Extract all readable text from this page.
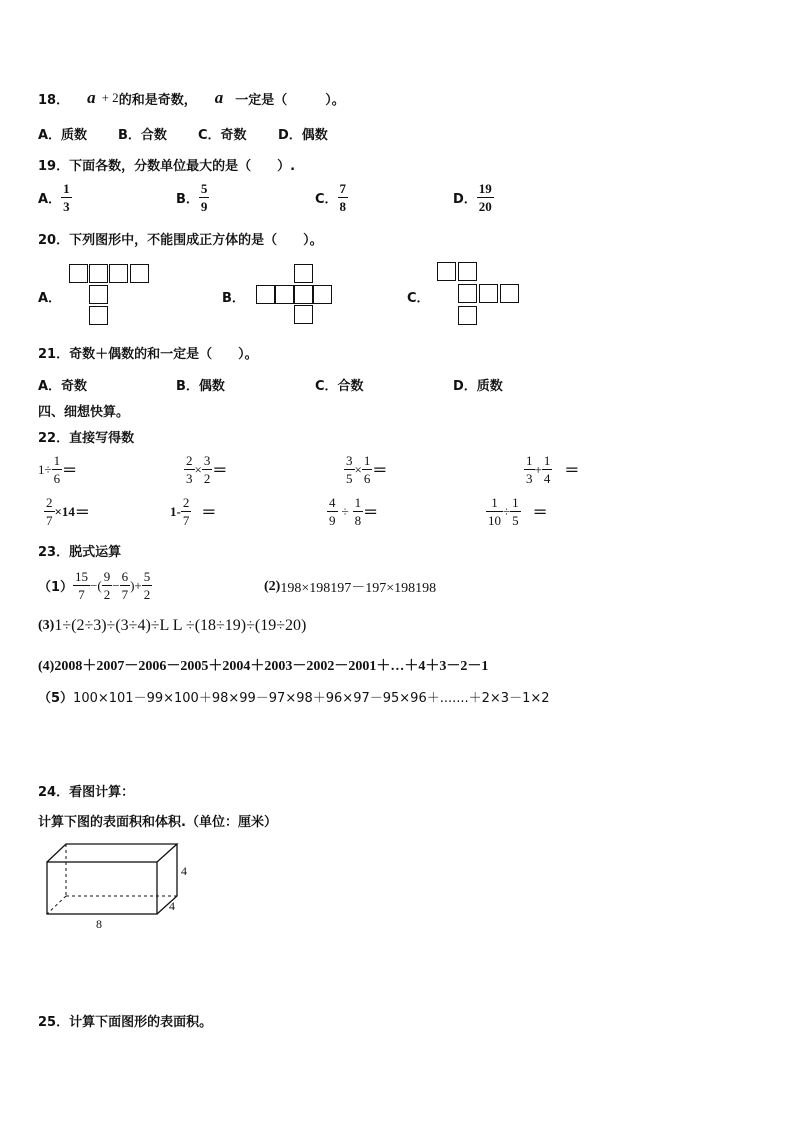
18． a + 2 的和是奇数， a 一定是（	）。
A．质数 B．合数 C．奇数 D．偶数
19．下面各数，分数单位最大的是（　　）.
A． $\frac{1}{3}$	B． $\frac{5}{9}$	C． $\frac{7}{8}$	D． $\frac{19}{20}$
20．下列图形中，不能围成正方体的是（　　）。
A．	B．	C．
21．奇数＋偶数的和一定是（　　）。
A．奇数	B．偶数	C．合数	D．质数
四、细想快算。
22．直接写得数
$1\div \frac{1}{6}$ ＝	$\frac{2}{3} \times \frac{3}{2}$ ＝	$\frac{3}{5} \times \frac{1}{6}$ ＝	$\frac{1}{3} + \frac{1}{4}$ ＝
$\frac{2}{7} \times 14$ ＝	$1- \frac{2}{7}$ ＝	$\frac{4}{9} \div \frac{1}{8}$ ＝	$\frac{1}{10} \div \frac{1}{5}$ ＝
23．脱式运算
$(1) \frac{15}{7}$ −( $\frac{9}{2} - \frac{6}{7}$ )+ $\frac{5}{2}$	(2) 198×198197－197×198198
(3) 1÷(2÷3)÷(3÷4)÷L L ÷(18÷19)÷(19÷20)
(4)2008＋2007－2006－2005＋2004＋2003－2002－2001＋…＋4＋3－2－1
（5） 100×101－99×100＋98×99－97×98＋96×97－95×96＋.......＋2×3－1×2
24．看图计算：
计算下图的表面积和体积.（单位：厘米）
4
4
8
25．计算下面图形的表面积。
